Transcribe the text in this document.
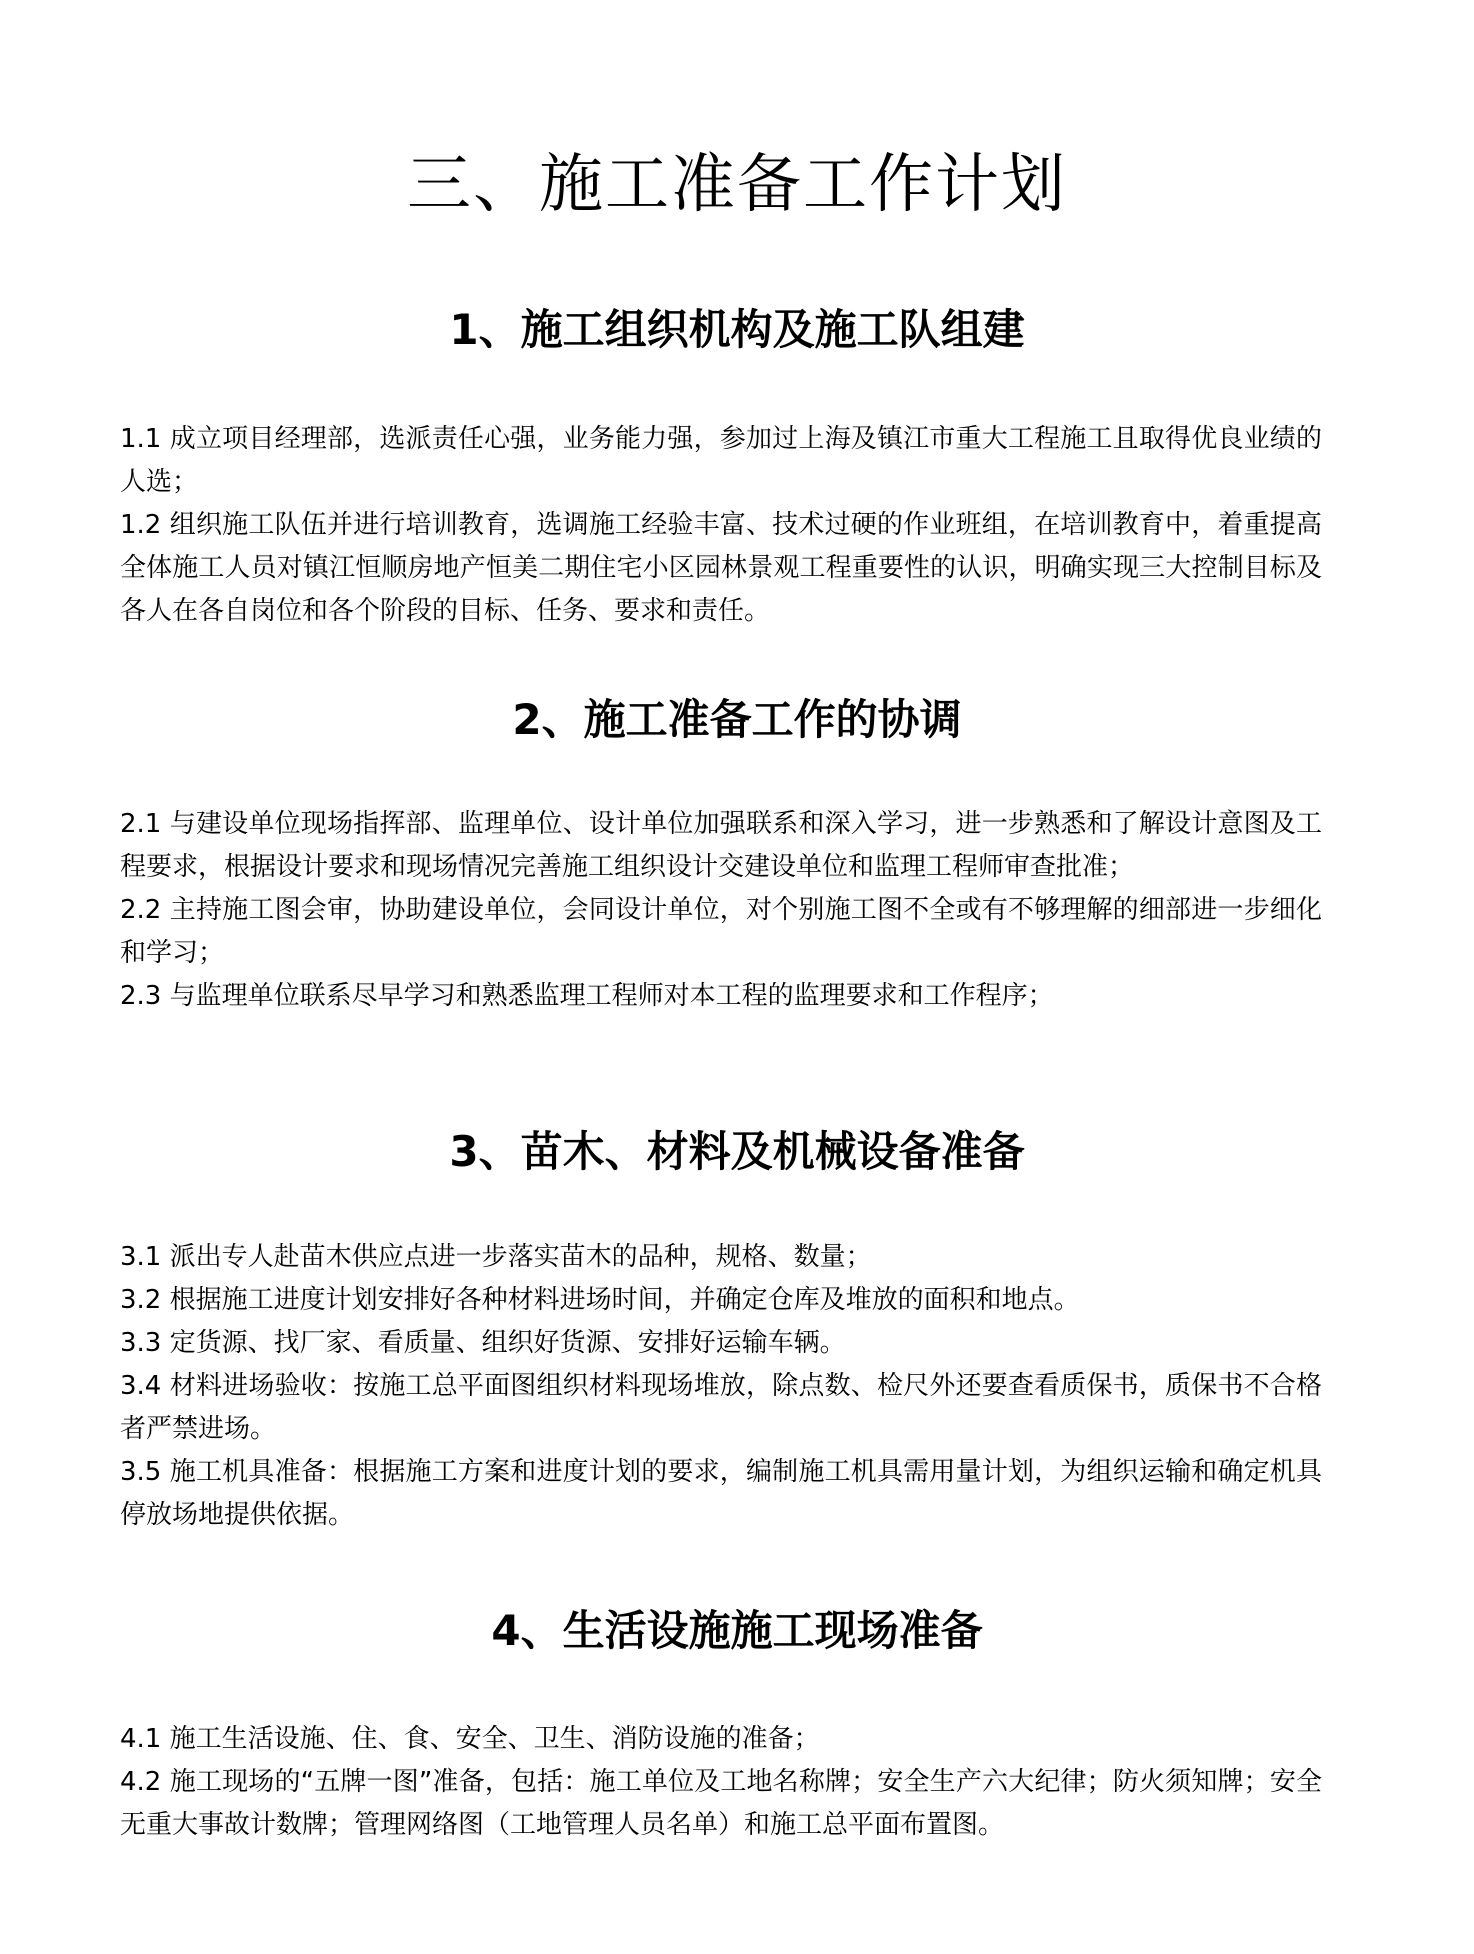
三、施工准备工作计划
1、施工组织机构及施工队组建

1.1 成立项目经理部，选派责任心强，业务能力强，参加过上海及镇江市重大工程施工且取得优良业绩的人选；

1.2 组织施工队伍并进行培训教育，选调施工经验丰富、技术过硬的作业班组，在培训教育中，着重提高全体施工人员对镇江恒顺房地产恒美二期住宅小区园林景观工程重要性的认识，明确实现三大控制目标及各人在各自岗位和各个阶段的目标、任务、要求和责任。

2、施工准备工作的协调

2.1 与建设单位现场指挥部、监理单位、设计单位加强联系和深入学习，进一步熟悉和了解设计意图及工程要求，根据设计要求和现场情况完善施工组织设计交建设单位和监理工程师审查批准；

2.2 主持施工图会审，协助建设单位，会同设计单位，对个别施工图不全或有不够理解的细部进一步细化和学习；

2.3 与监理单位联系尽早学习和熟悉监理工程师对本工程的监理要求和工作程序；

3、苗木、材料及机械设备准备

3.1 派出专人赴苗木供应点进一步落实苗木的品种，规格、数量；

3.2 根据施工进度计划安排好各种材料进场时间，并确定仓库及堆放的面积和地点。

3.3 定货源、找厂家、看质量、组织好货源、安排好运输车辆。

3.4 材料进场验收：按施工总平面图组织材料现场堆放，除点数、检尺外还要查看质保书，质保书不合格者严禁进场。

3.5 施工机具准备：根据施工方案和进度计划的要求，编制施工机具需用量计划，为组织运输和确定机具停放场地提供依据。

4、生活设施施工现场准备

4.1 施工生活设施、住、食、安全、卫生、消防设施的准备；

4.2 施工现场的“五牌一图”准备，包括：施工单位及工地名称牌；安全生产六大纪律；防火须知牌；安全无重大事故计数牌；管理网络图（工地管理人员名单）和施工总平面布置图。
